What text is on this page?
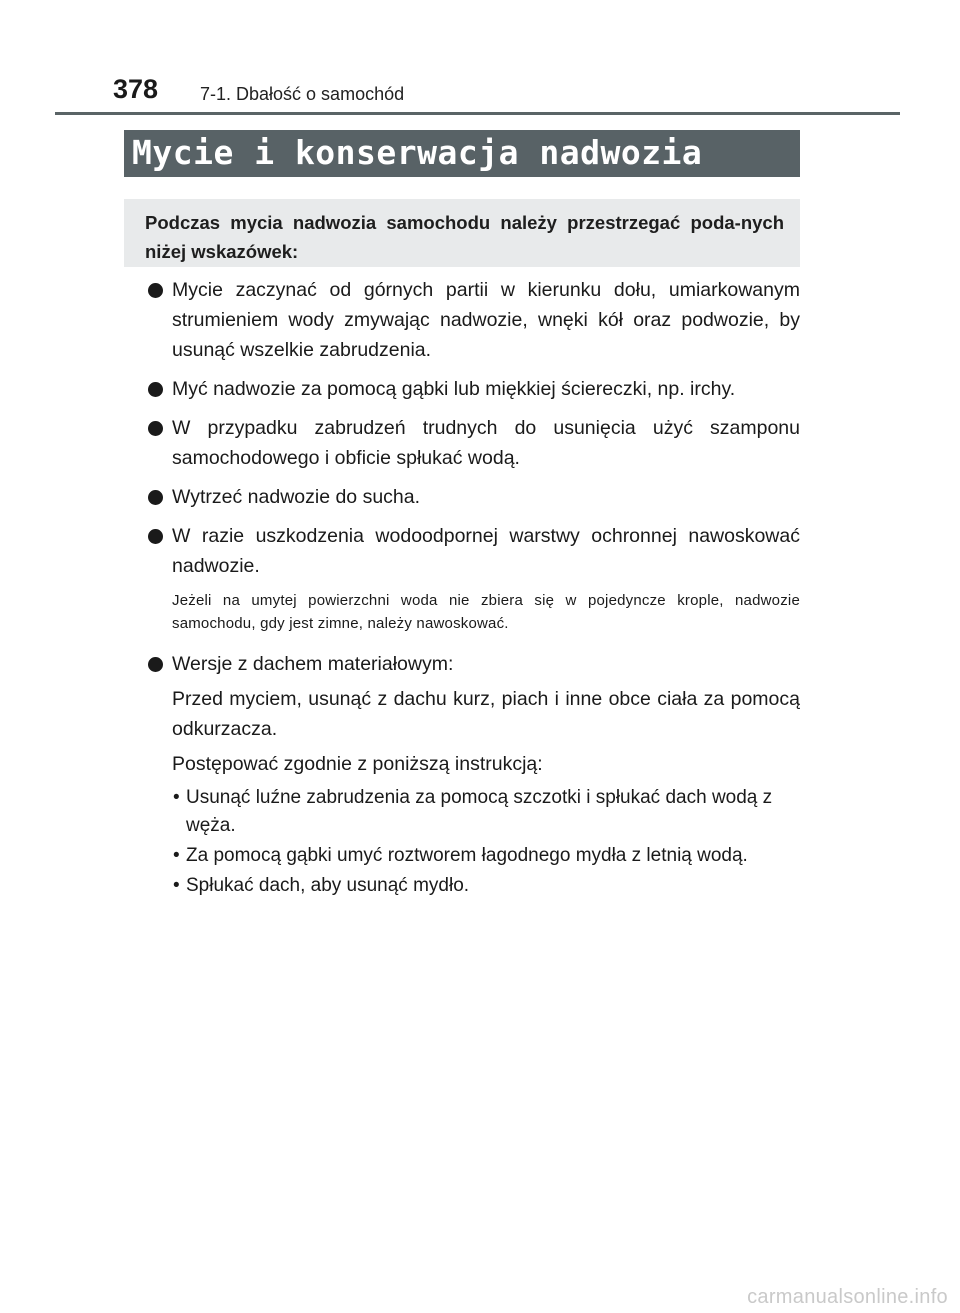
378 7-1. Dbałość o samochód
Mycie i konserwacja nadwozia
Podczas mycia nadwozia samochodu należy przestrzegać poda-nych niżej wskazówek:
Mycie zaczynać od górnych partii w kierunku dołu, umiarkowanym strumieniem wody zmywając nadwozie, wnęki kół oraz podwozie, by usunąć wszelkie zabrudzenia.
Myć nadwozie za pomocą gąbki lub miękkiej ściereczki, np. irchy.
W przypadku zabrudzeń trudnych do usunięcia użyć szamponu samochodowego i obficie spłukać wodą.
Wytrzeć nadwozie do sucha.
W razie uszkodzenia wodoodpornej warstwy ochronnej nawoskować nadwozie.
Jeżeli na umytej powierzchni woda nie zbiera się w pojedyncze krople, nadwozie samochodu, gdy jest zimne, należy nawoskować.
Wersje z dachem materiałowym:
Przed myciem, usunąć z dachu kurz, piach i inne obce ciała za pomocą odkurzacza.
Postępować zgodnie z poniższą instrukcją:
• Usunąć luźne zabrudzenia za pomocą szczotki i spłukać dach wodą z węża.
• Za pomocą gąbki umyć roztworem łagodnego mydła z letnią wodą.
• Spłukać dach, aby usunąć mydło.
carmanualsonline.info
